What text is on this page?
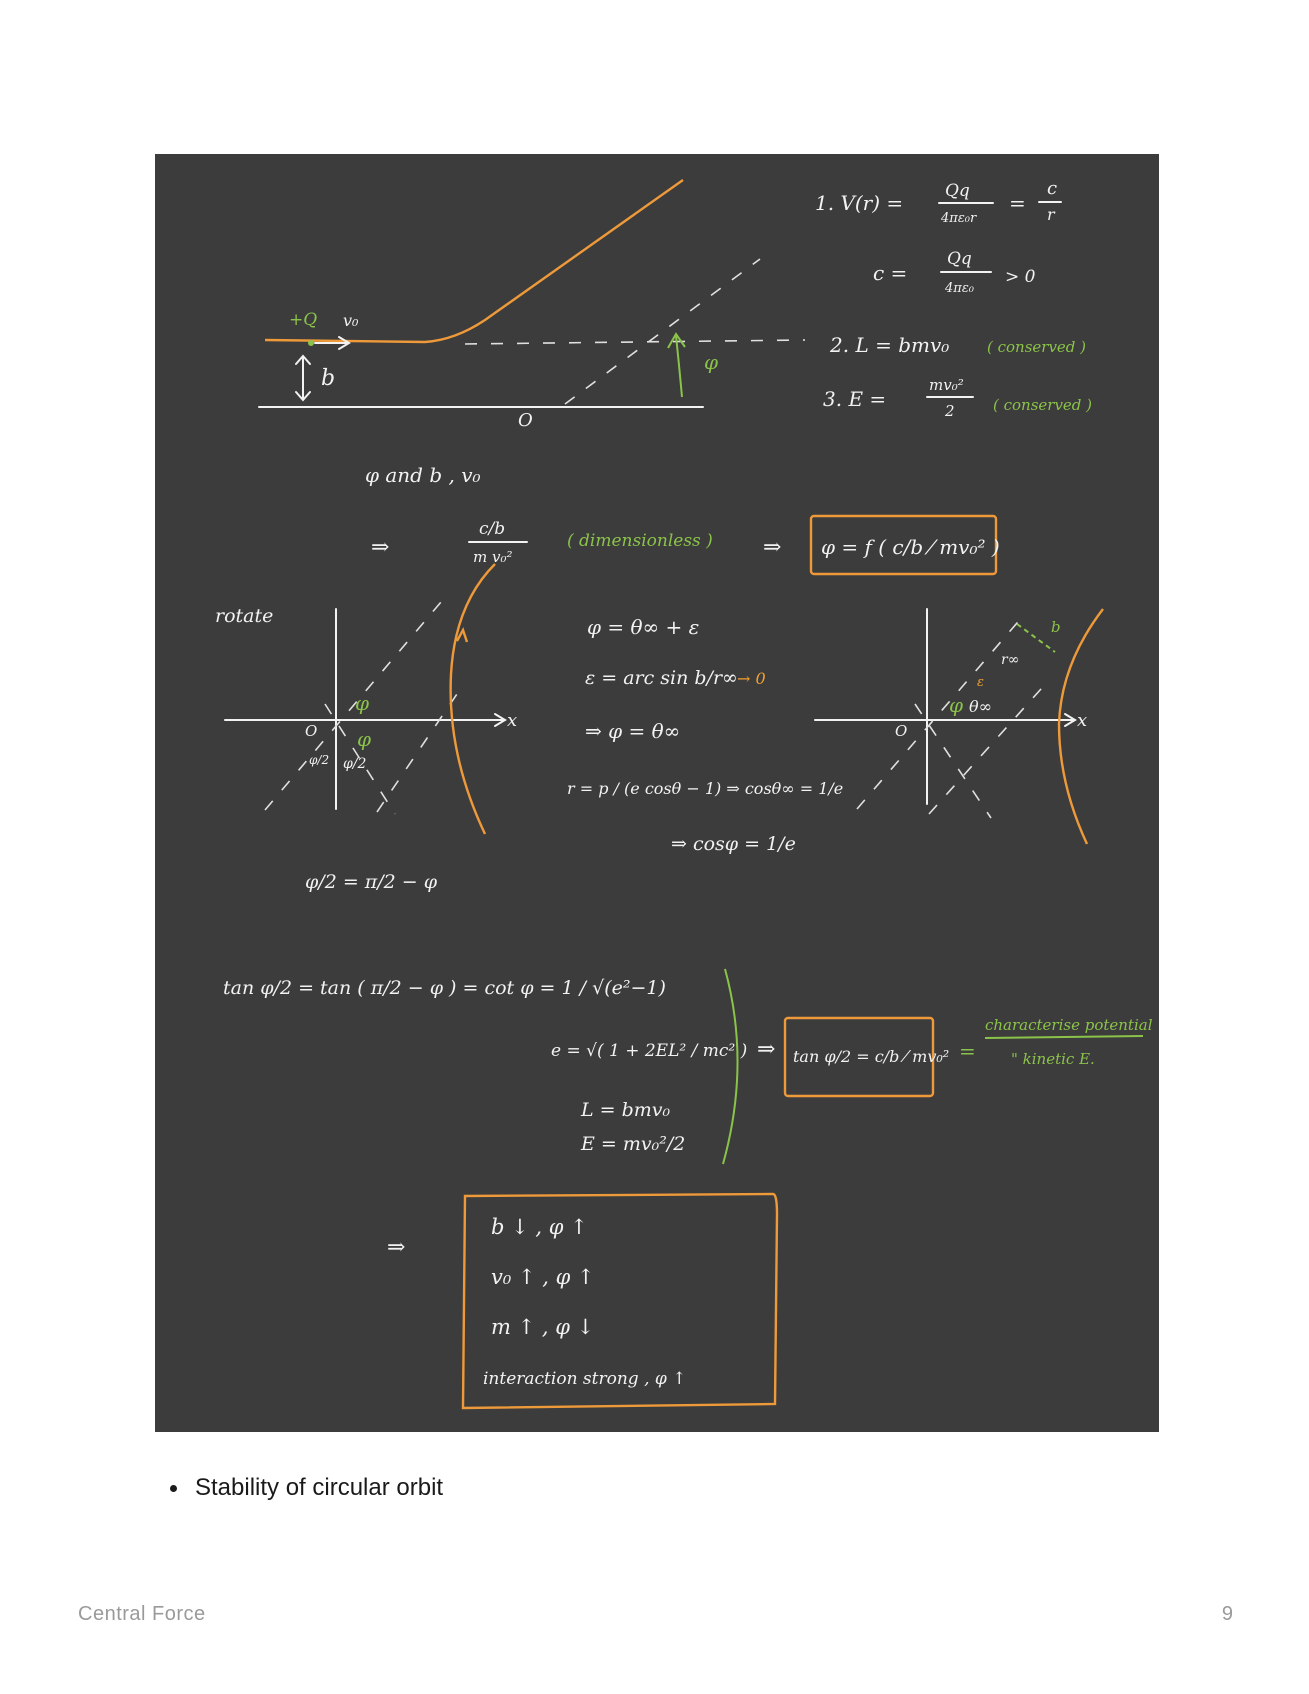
+Q v₀
b
O
φ
1. V(r) = Qq
4πε₀r
=
c
r
c =
Qq
4πε₀
> 0
2. L = bmv₀	( conserved )
3. E =
mv₀²
2	( conserved )
φ and b , v₀
⇒
c/b
m v₀²
( dimensionless ) ⇒ φ = f ( c/b ⁄ mv₀² )
rotate
φ
φ
O
φ/2 φ/2
x
φ = θ∞ + ε
ε = arc sin b/r∞ → 0
⇒ φ = θ∞
r = p / (e cosθ − 1) ⇒ cosθ∞ = 1/e
⇒ cosφ = 1/e
b
r∞
ε
φ θ∞
O	x
φ/2 = π/2 − φ
tan φ/2 = tan ( π/2 − φ ) = cot φ = 1 / √(e²−1)
e = √( 1 + 2EL² / mc² )
L = bmv₀
E = mv₀²/2
⇒ tan φ/2 = c/b ⁄ mv₀² =
characterise potential
" kinetic E.
⇒
b ↓ , φ ↑
v₀ ↑ , φ ↑
m ↑ , φ ↓
interaction strong , φ ↑
Stability of circular orbit
Central Force	9
